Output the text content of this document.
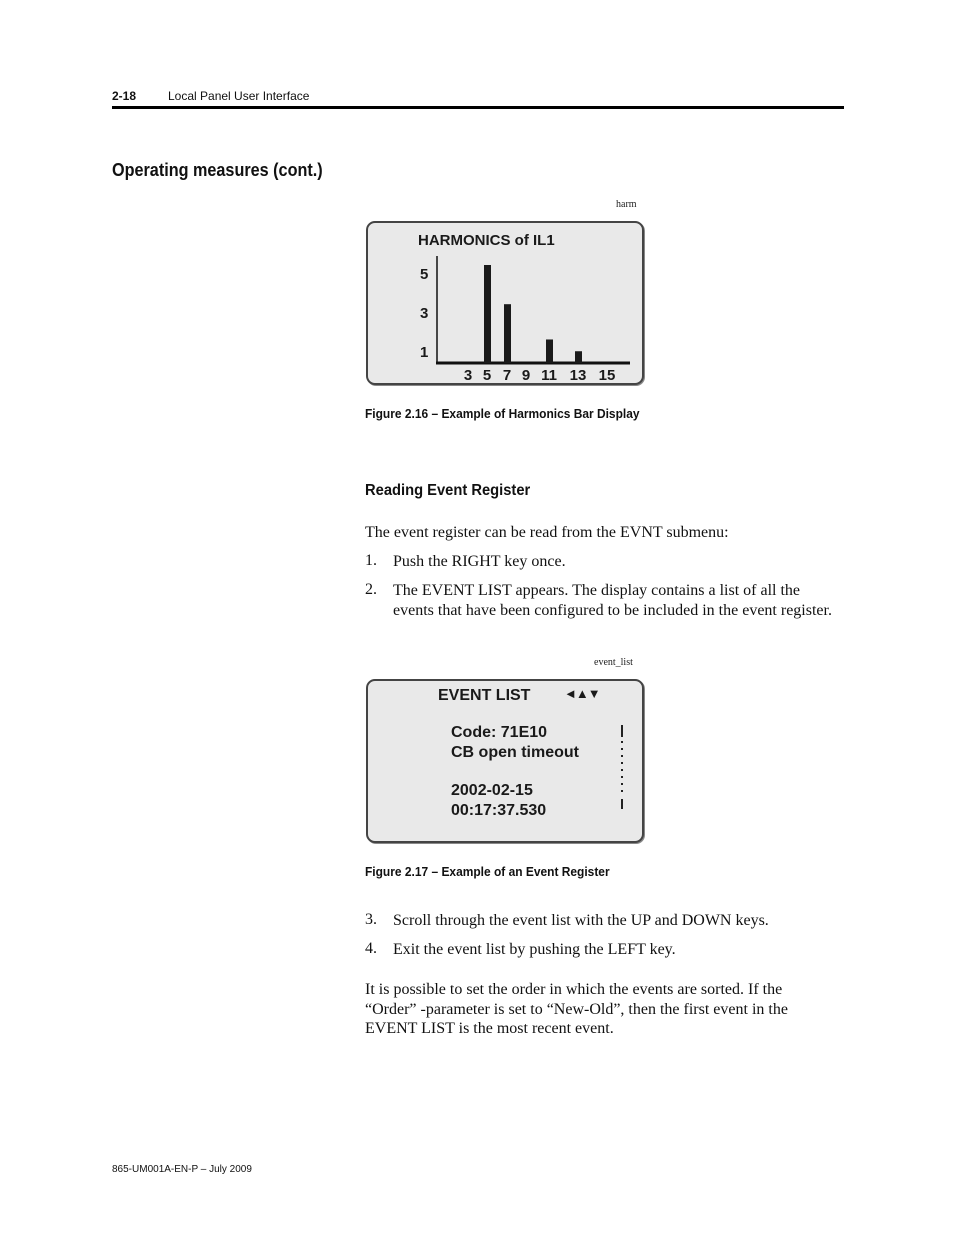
2-18	Local Panel User Interface
Operating measures (cont.)
harm
HARMONICS of IL1
5
3
1
3 5 7 9 11 13 15
Figure 2.16 – Example of Harmonics Bar Display
Reading Event Register
The event register can be read from the EVNT submenu:
1. Push the RIGHT key once.
2. The EVENT LIST appears. The display contains a list of all the events that have been configured to be included in the event register.
event_list
EVENT LIST	◄▲▼
Code: 71E10
CB open timeout
2002-02-15
00:17:37.530
Figure 2.17 – Example of an Event Register
3. Scroll through the event list with the UP and DOWN keys.
4. Exit the event list by pushing the LEFT key.
It is possible to set the order in which the events are sorted. If the “Order” -parameter is set to “New-Old”, then the first event in the EVENT LIST is the most recent event.
865-UM001A-EN-P – July 2009
